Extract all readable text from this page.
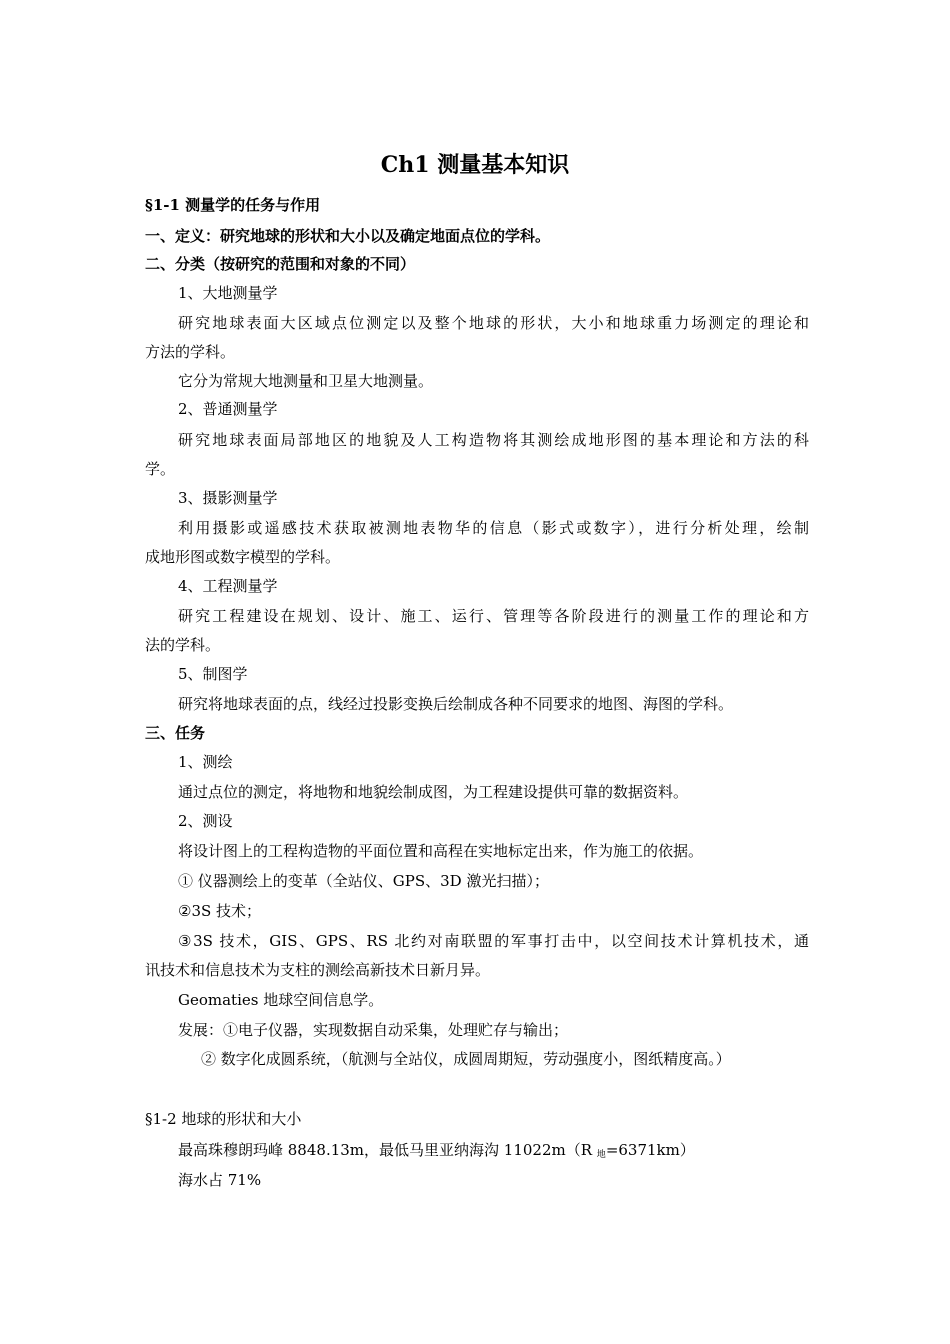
Ch1 测量基本知识
§1-1 测量学的任务与作用
一、定义：研究地球的形状和大小以及确定地面点位的学科。
二、分类（按研究的范围和对象的不同）
1、大地测量学
研究地球表面大区域点位测定以及整个地球的形状，大小和地球重力场测定的理论和
方法的学科。
它分为常规大地测量和卫星大地测量。
2、普通测量学
研究地球表面局部地区的地貌及人工构造物将其测绘成地形图的基本理论和方法的科
学。
3、摄影测量学
利用摄影或遥感技术获取被测地表物华的信息（影式或数字），进行分析处理，绘制
成地形图或数字模型的学科。
4、工程测量学
研究工程建设在规划、设计、施工、运行、管理等各阶段进行的测量工作的理论和方
法的学科。
5、制图学
研究将地球表面的点，线经过投影变换后绘制成各种不同要求的地图、海图的学科。
三、任务
1、测绘
通过点位的测定，将地物和地貌绘制成图，为工程建设提供可靠的数据资料。
2、测设
将设计图上的工程构造物的平面位置和高程在实地标定出来，作为施工的依据。
① 仪器测绘上的变革（全站仪、GPS、3D 激光扫描）；
②3S 技术；
③3S 技术，GIS、GPS、RS 北约对南联盟的军事打击中，以空间技术计算机技术，通
讯技术和信息技术为支柱的测绘高新技术日新月异。
Geomaties 地球空间信息学。
发展：①电子仪器，实现数据自动采集，处理贮存与输出；
② 数字化成圆系统，（航测与全站仪，成圆周期短，劳动强度小，图纸精度高。）
§1-2 地球的形状和大小
最高珠穆朗玛峰 8848.13m，最低马里亚纳海沟 11022m（R $_地$=6371km）
海水占 71%
